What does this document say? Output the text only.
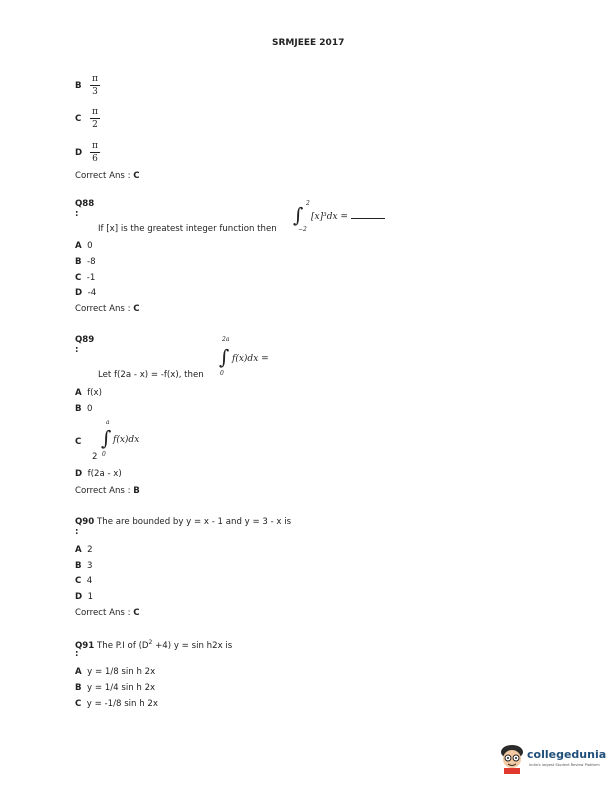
SRMJEEE 2017
B
π
3
C
π
2
D
π
6
Correct Ans : C
Q88
:
If [x] is the greatest integer function then
∫ 2
−2
[x]³dx =
A 0
B -8
C -1
D -4
Correct Ans : C
Q89
:
Let f(2a - x) = -f(x), then
2a
∫
0
f(x)dx =
A f(x)
B 0
C
a
∫
0
2
f(x)dx
D f(2a - x)
Correct Ans : B
Q90 The are bounded by y = x - 1 and y = 3 - x is
:
A 2
B 3
C 4
D 1
Correct Ans : C
Q91 The P.I of $(D^2 +4) y = \sin h2x$ is
:
A y = 1/8 sin h 2x
B y = 1/4 sin h 2x
C y = -1/8 sin h 2x
collegedunia
India's largest Student Review Platform
